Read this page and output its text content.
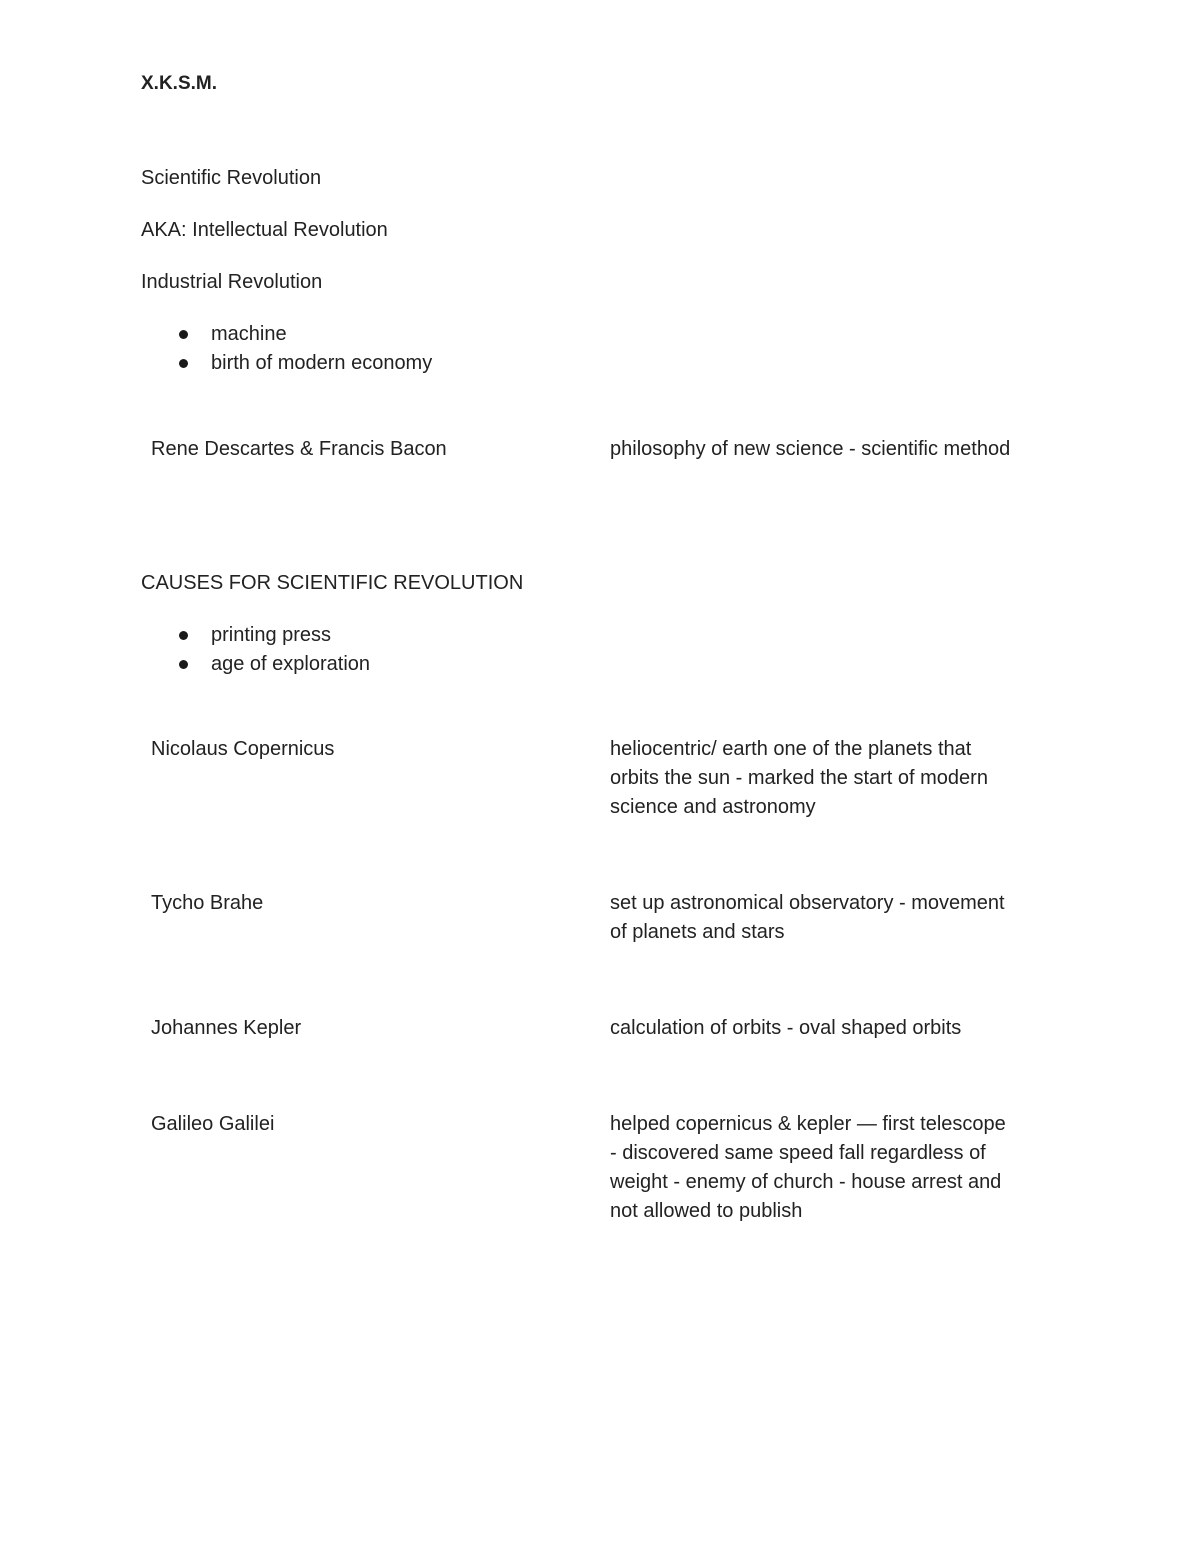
X.K.S.M.
Scientific Revolution
AKA: Intellectual Revolution
Industrial Revolution
machine
birth of modern economy
Rene Descartes & Francis Bacon	philosophy of new science - scientific method
CAUSES FOR SCIENTIFIC REVOLUTION
printing press
age of exploration
Nicolaus Copernicus	heliocentric/ earth one of the planets that
orbits the sun - marked the start of modern
science and astronomy
Tycho Brahe	set up astronomical observatory - movement
of planets and stars
Johannes Kepler	calculation of orbits - oval shaped orbits
Galileo Galilei	helped copernicus & kepler — first telescope
- discovered same speed fall regardless of
weight - enemy of church - house arrest and
not allowed to publish
